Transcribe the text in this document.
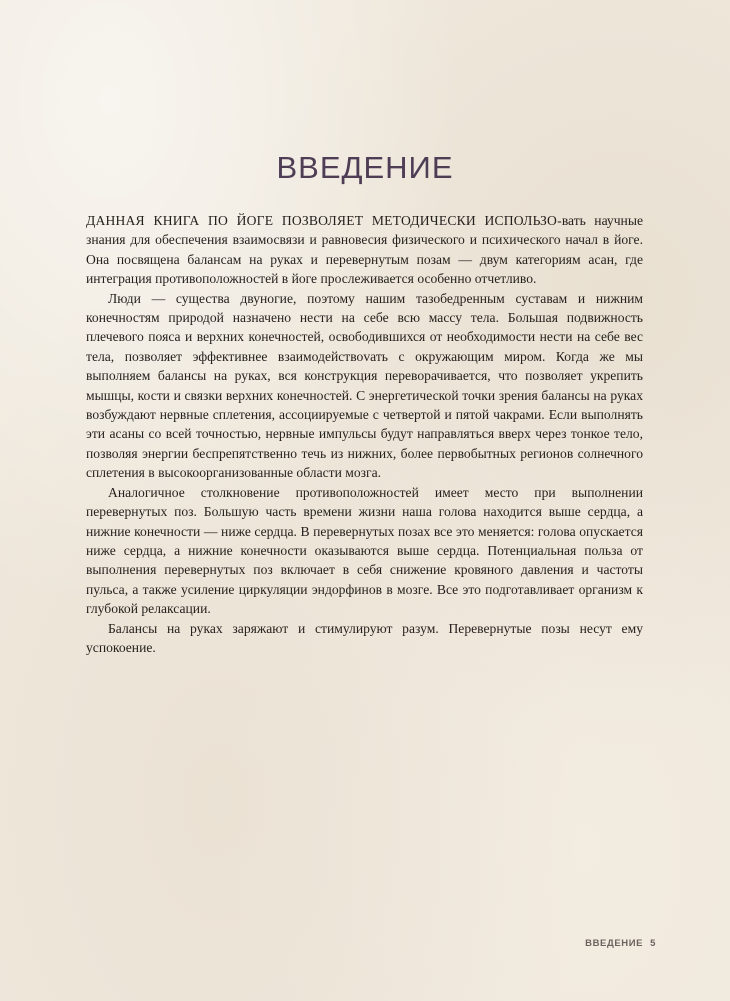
ВВЕДЕНИЕ

ДАННАЯ КНИГА ПО ЙОГЕ ПОЗВОЛЯЕТ МЕТОДИЧЕСКИ ИСПОЛЬЗО-вать научные знания для обеспечения взаимосвязи и равновесия физического и психического начал в йоге. Она посвящена балансам на руках и перевернутым позам — двум категориям асан, где интеграция противоположностей в йоге прослеживается особенно отчетливо.

Люди — существа двуногие, поэтому нашим тазобедренным суставам и нижним конечностям природой назначено нести на себе всю массу тела. Большая подвижность плечевого пояса и верхних конечностей, освободившихся от необходимости нести на себе вес тела, позволяет эффективнее взаимодействоvать с окружающим миром. Когда же мы выполняем балансы на руках, вся конструкция переворачивается, что позволяет укрепить мышцы, кости и связки верхних конечностей. С энергетической точки зрения балансы на руках возбуждают нервные сплетения, ассоциируемые с четвертой и пятой чакрами. Если выполнять эти асаны со всей точностью, нервные импульсы будут направляться вверх через тонкое тело, позволяя энергии беспрепятственно течь из нижних, более первобытных регионов солнечного сплетения в высокоорганизованные области мозга.

Аналогичное столкновение противоположностей имеет место при выполнении перевернутых поз. Большую часть времени жизни наша голова находится выше сердца, а нижние конечности — ниже сердца. В перевернутых позах все это меняется: голова опускается ниже сердца, а нижние конечности оказываются выше сердца. Потенциальная польза от выполнения перевернутых поз включает в себя снижение кровяного давления и частоты пульса, а также усиление циркуляции эндорфинов в мозге. Все это подготавливает организм к глубокой релаксации.

Балансы на руках заряжают и стимулируют разум. Перевернутые позы несут ему успокоение.

ВВЕДЕНИЕ 5
